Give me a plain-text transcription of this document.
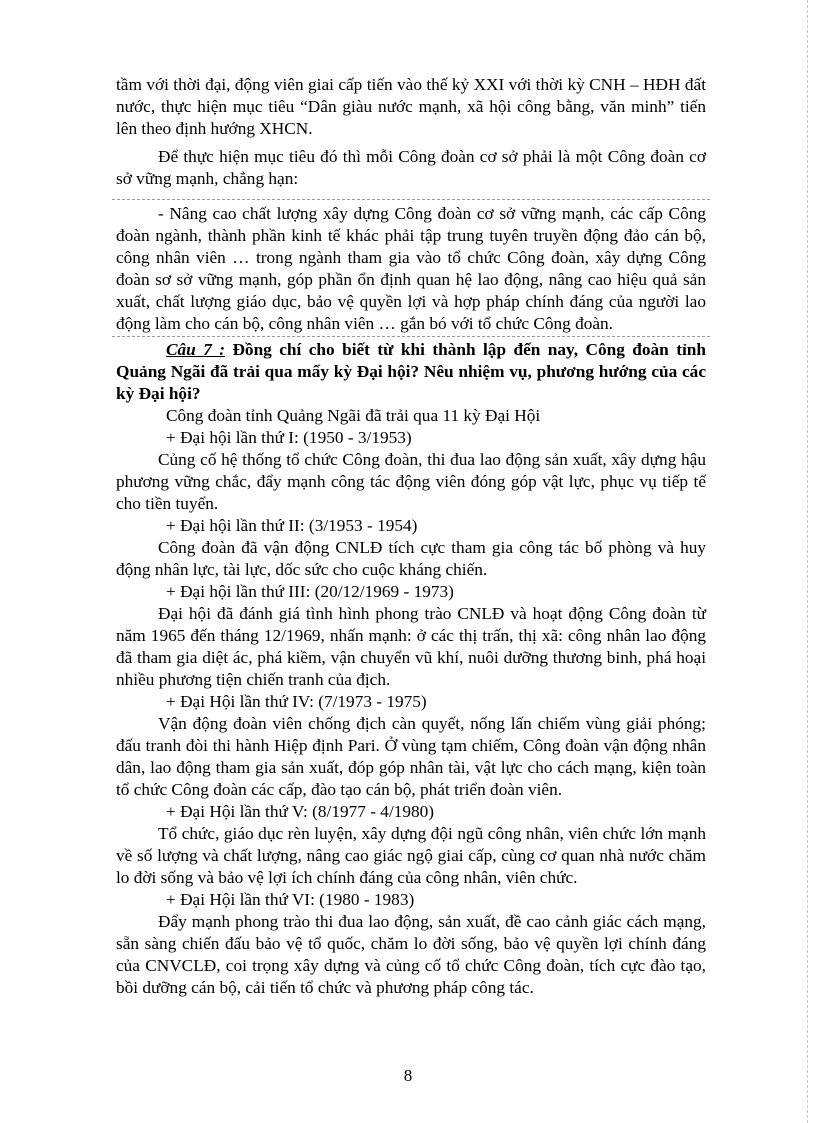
tầm với thời đại, động viên giai cấp tiến vào thế kỷ XXI với thời kỳ CNH – HĐH đất nước, thực hiện mục tiêu “Dân giàu nước mạnh, xã hội công bằng, văn minh” tiến lên theo định hướng XHCN.

Để thực hiện mục tiêu đó thì mỗi Công đoàn cơ sở phải là một Công đoàn cơ sở vững mạnh, chẳng hạn:

- Nâng cao chất lượng xây dựng Công đoàn cơ sở vững mạnh, các cấp Công đoàn ngành, thành phần kinh tế khác phải tập trung tuyên truyền động đảo cán bộ, công nhân viên … trong ngành tham gia vào tổ chức Công đoàn, xây dựng Công đoàn sơ sở vững mạnh, góp phần ổn định quan hệ lao động, nâng cao hiệu quả sản xuất, chất lượng giáo dục, bảo vệ quyền lợi và hợp pháp chính đáng của người lao động làm cho cán bộ, công nhân viên … gắn bó với tổ chức Công đoàn.

Câu 7 : Đồng chí cho biết từ khi thành lập đến nay, Công đoàn tỉnh Quảng Ngãi đã trải qua mấy kỳ Đại hội? Nêu nhiệm vụ, phương hướng của các kỳ Đại hội?

Công đoàn tỉnh Quảng Ngãi đã trải qua 11 kỳ Đại Hội

+ Đại hội lần thứ I: (1950 - 3/1953)

Củng cố hệ thống tổ chức Công đoàn, thi đua lao động sản xuất, xây dựng hậu phương vững chắc, đẩy mạnh công tác động viên đóng góp vật lực, phục vụ tiếp tế cho tiền tuyến.

+ Đại hội lần thứ II: (3/1953 - 1954)

Công đoàn đã vận động CNLĐ tích cực tham gia công tác bố phòng và huy động nhân lực, tài lực, dốc sức cho cuộc kháng chiến.

+ Đại hội lần thứ III: (20/12/1969 - 1973)

Đại hội đã đánh giá tình hình phong trào CNLĐ và hoạt động Công đoàn từ năm 1965 đến tháng 12/1969, nhấn mạnh: ở các thị trấn, thị xã: công nhân lao động đã tham gia diệt ác, phá kiềm, vận chuyển vũ khí, nuôi dưỡng thương binh, phá hoại nhiều phương tiện chiến tranh của địch.

+ Đại Hội lần thứ IV: (7/1973 - 1975)

Vận động đoàn viên chống địch càn quyết, nống lấn chiếm vùng giải phóng; đấu tranh đòi thi hành Hiệp định Pari. Ở vùng tạm chiếm, Công đoàn vận động nhân dân, lao động tham gia sản xuất, đóp góp nhân tài, vật lực cho cách mạng, kiện toàn tổ chức Công đoàn các cấp, đào tạo cán bộ, phát triển đoàn viên.

+ Đại Hội lần thứ V: (8/1977 - 4/1980)

Tổ chức, giáo dục rèn luyện, xây dựng đội ngũ công nhân, viên chức lớn mạnh về số lượng và chất lượng, nâng cao giác ngộ giai cấp, cùng cơ quan nhà nước chăm lo đời sống và bảo vệ lợi ích chính đáng của công nhân, viên chức.

+ Đại Hội lần thứ VI: (1980 - 1983)

Đẩy mạnh phong trào thi đua lao động, sản xuất, đề cao cảnh giác cách mạng, sẵn sàng chiến đấu bảo vệ tổ quốc, chăm lo đời sống, bảo vệ quyền lợi chính đáng của CNVCLĐ, coi trọng xây dựng và củng cố tổ chức Công đoàn, tích cực đào tạo, bồi dưỡng cán bộ, cải tiến tổ chức và phương pháp công tác.

8
